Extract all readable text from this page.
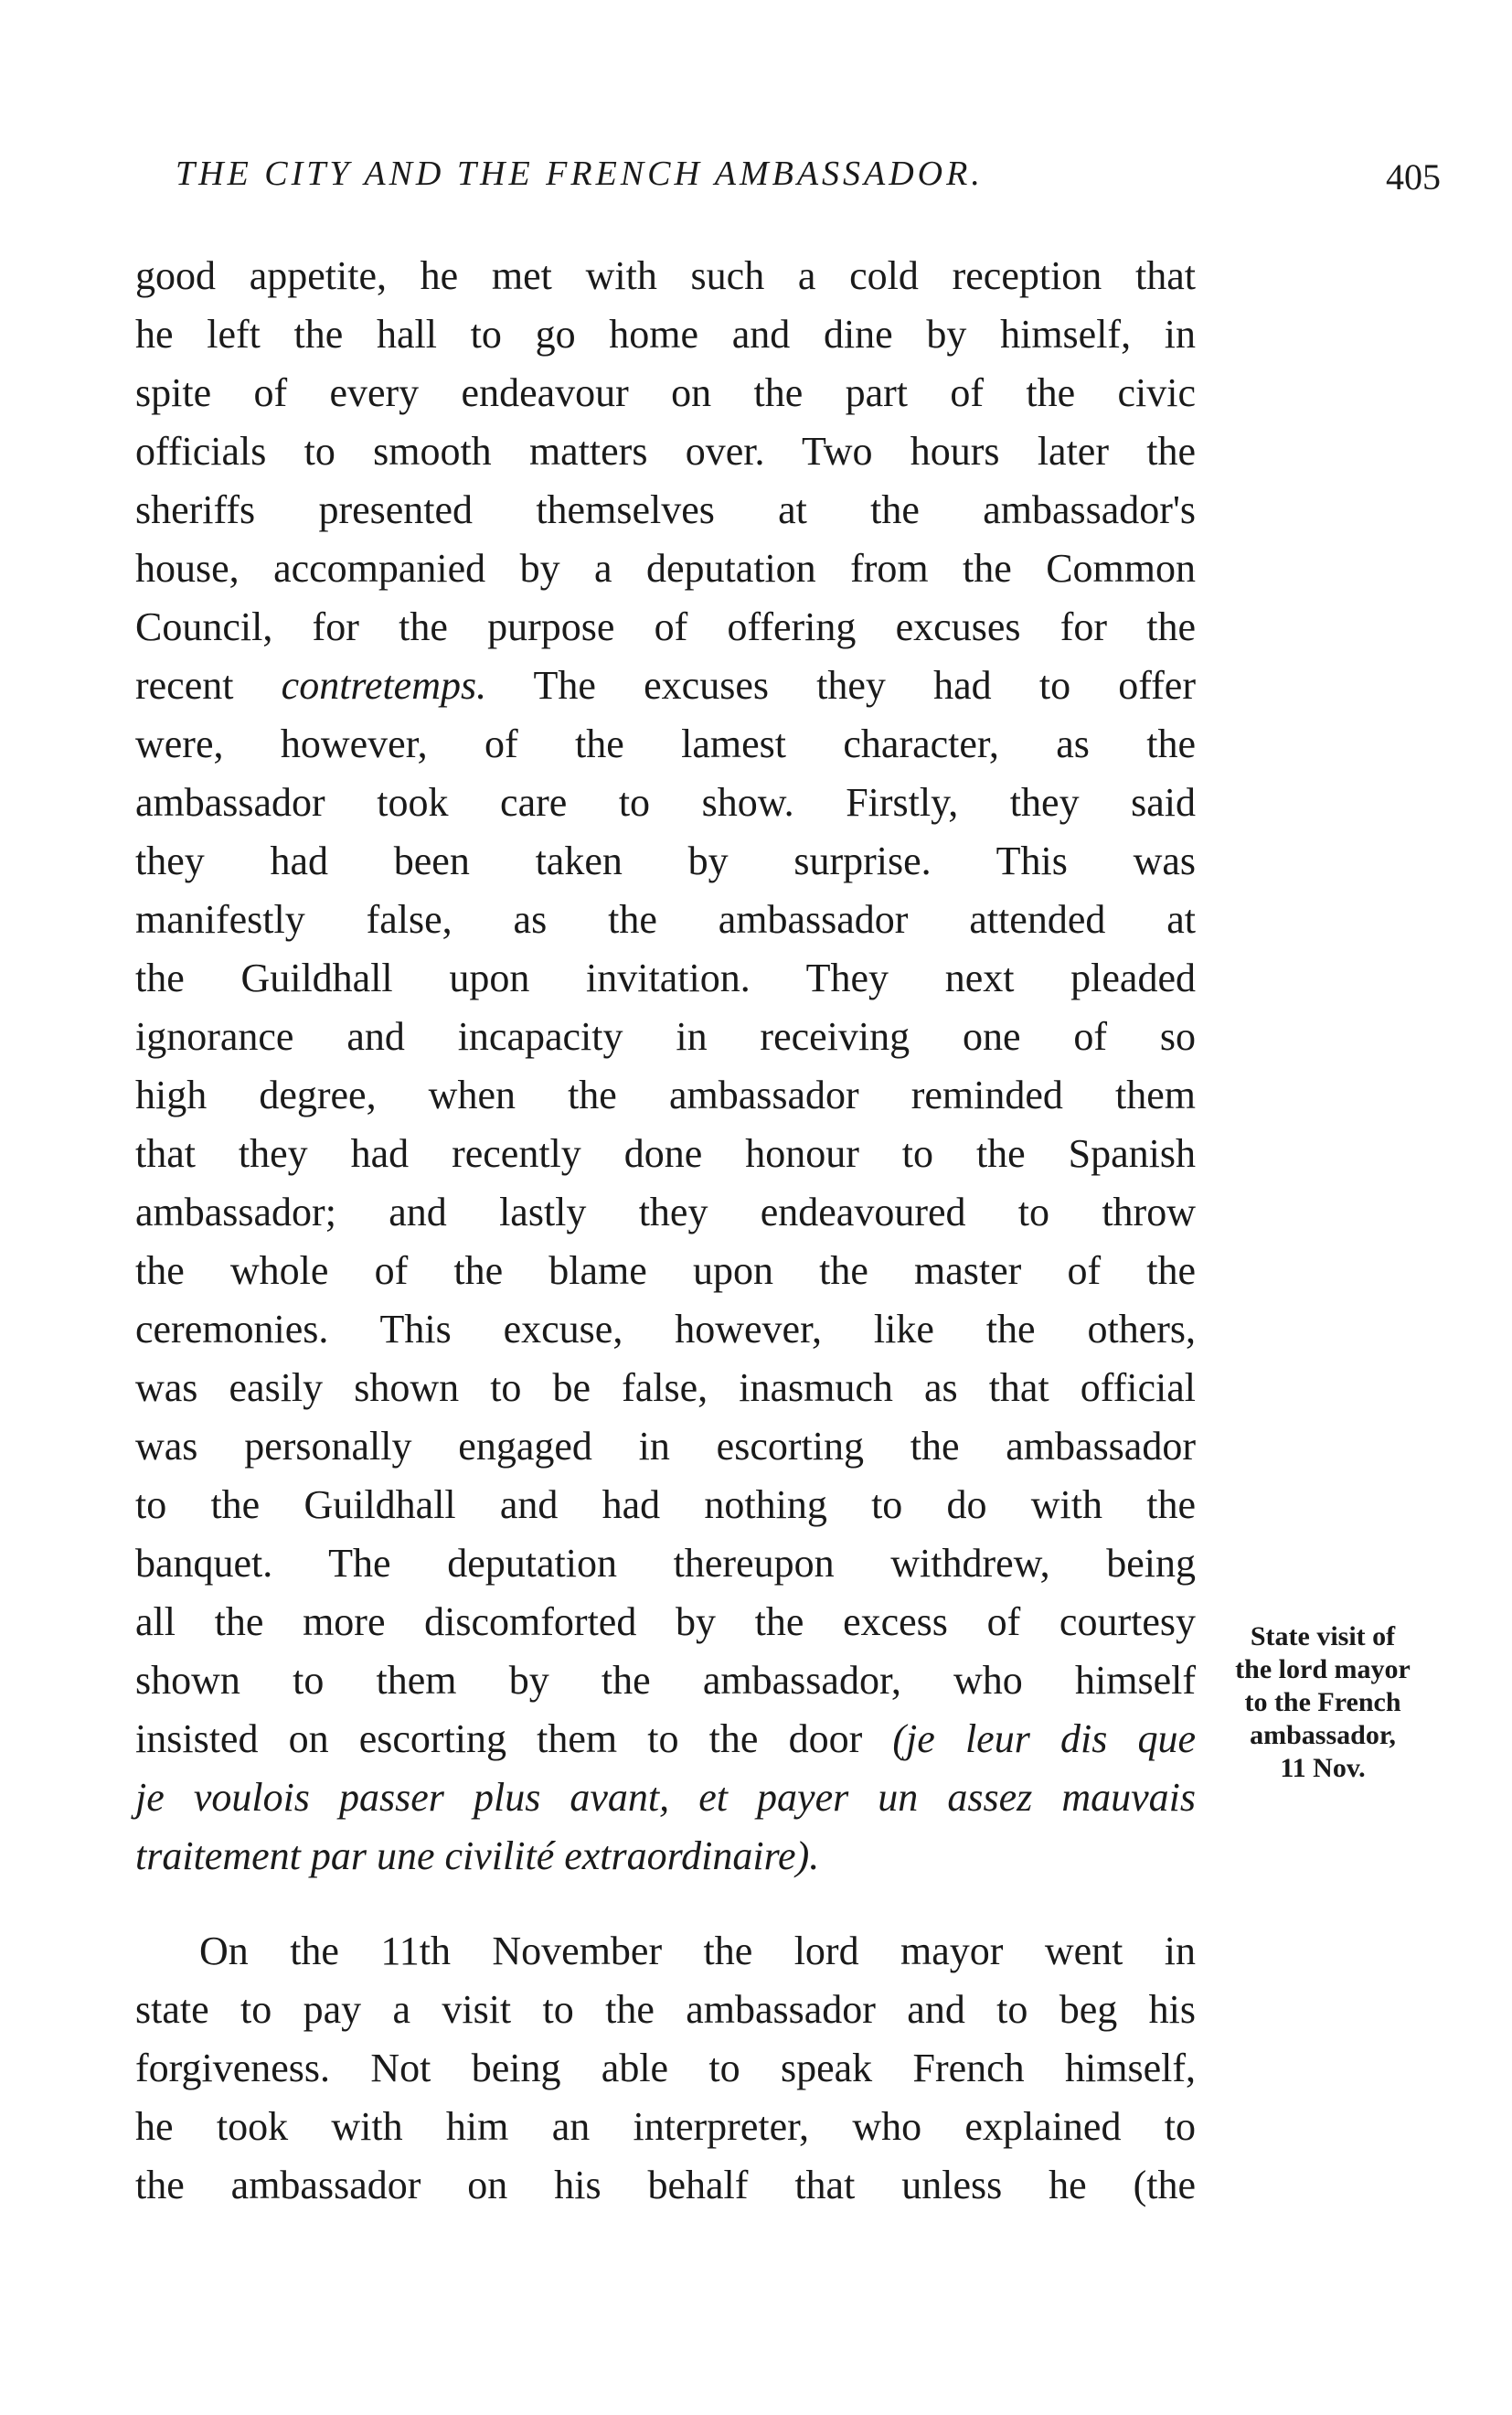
THE CITY AND THE FRENCH AMBASSADOR.	405
good appetite, he met with such a cold reception that
he left the hall to go home and dine by himself, in
spite of every endeavour on the part of the civic
officials to smooth matters over. Two hours later the
sheriffs presented themselves at the ambassador's
house, accompanied by a deputation from the Common
Council, for the purpose of offering excuses for the
recent contretemps. The excuses they had to offer
were, however, of the lamest character, as the
ambassador took care to show. Firstly, they said
they had been taken by surprise. This was
manifestly false, as the ambassador attended at
the Guildhall upon invitation. They next pleaded
ignorance and incapacity in receiving one of so
high degree, when the ambassador reminded them
that they had recently done honour to the Spanish
ambassador; and lastly they endeavoured to throw
the whole of the blame upon the master of the
ceremonies. This excuse, however, like the others,
was easily shown to be false, inasmuch as that official
was personally engaged in escorting the ambassador
to the Guildhall and had nothing to do with the
banquet. The deputation thereupon withdrew, being
all the more discomforted by the excess of courtesy
shown to them by the ambassador, who himself
insisted on escorting them to the door (je leur dis que
je voulois passer plus avant, et payer un assez mauvais
traitement par une civilité extraordinaire).
On the 11th November the lord mayor went in
state to pay a visit to the ambassador and to beg his
forgiveness. Not being able to speak French himself,
he took with him an interpreter, who explained to
the ambassador on his behalf that unless he (the
State visit of
the lord mayor
to the French
ambassador,
11 Nov.
